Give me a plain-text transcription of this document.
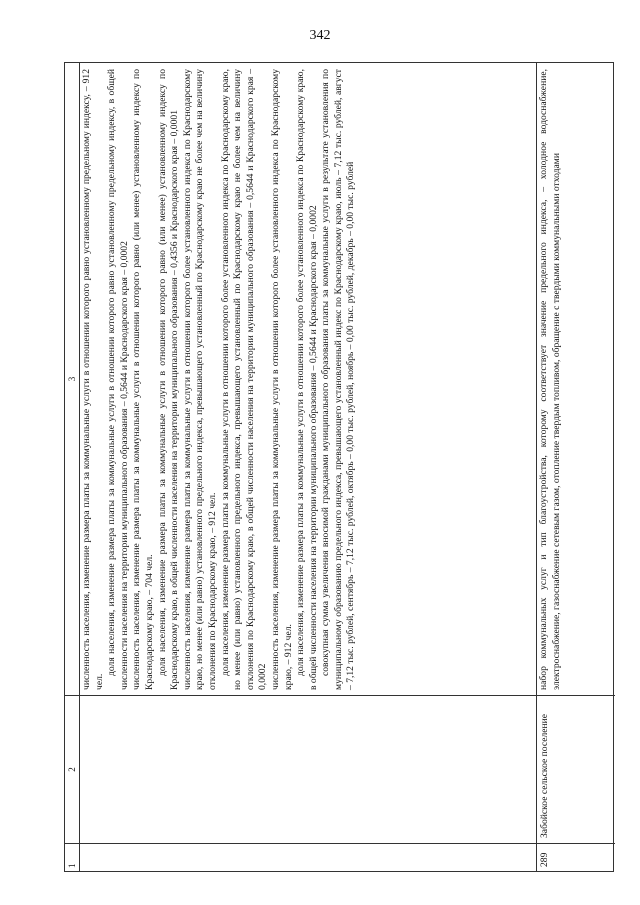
342
1
2
3 численность населения, изменение размера платы за коммунальные услуги в отношении которого равно установленному предельному индексу, – 912 чел.

доля населения, изменение размера платы за коммунальные услуги в отношении которого равно установленному предельному индексу, в общей численности населения на территории муниципального образования – 0,5644 и Краснодарского края – 0,0002 численность населения, изменение размера платы за коммунальные услуги в отношении которого равно (или менее) установленному индексу по Краснодарскому краю, – 704 чел. доля населения, изменение размера платы за коммунальные услуги в отношении которого равно (или менее) установленному индексу по Краснодарскому краю, в общей численности населения на территории муниципального образования – 0,4356 и Краснодарского края – 0,0001 численность населения, изменение размера платы за коммунальные услуги в отношении которого более установленного индекса по Краснодарскому краю, но менее (или равно) установленного предельного индекса, превышающего установленный по Краснодарскому краю не более чем на величину отклонения по Краснодарскому краю, – 912 чел. доля населения, изменение размера платы за коммунальные услуги в отношении которого более установленного индекса по Краснодарскому краю, но менее (или равно) установленного предельного индекса, превышающего установленный по Краснодарскому краю не более чем на величину отклонения по Краснодарскому краю, в общей численности населения на территории муниципального образования – 0,5644 и Краснодарского края – 0,0002 численность населения, изменение размера платы за коммунальные услуги в отношении которого более установленного индекса по Краснодарскому краю, – 912 чел. доля населения, изменение размера платы за коммунальные услуги в отношении которого более установленного индекса по Краснодарскому краю, в общей численности населения на территории муниципального образования – 0,5644 и Краснодарского края – 0,0002 совокупная сумма увеличения вносимой гражданами муниципального образования платы за коммунальные услуги в результате установления по муниципальному образованию предельного индекса, превышающего установленный индекс по Краснодарскому краю, июль – 7,12 тыс. рублей, август – 7,12 тыс. рублей, сентябрь – 7,12 тыс. рублей, октябрь – 0,00 тыс. рублей, ноябрь – 0,00 тыс. рублей, декабрь – 0,00 тыс. рублей

289
Забойское сельское поселение

набор коммунальных услуг и тип благоустройства, которому соответствует значение предельного индекса, – холодное водоснабжение, электроснабжение, газоснабжение сетевым газом, отопление твердым топливом, обращение с твердыми коммунальными отходами
